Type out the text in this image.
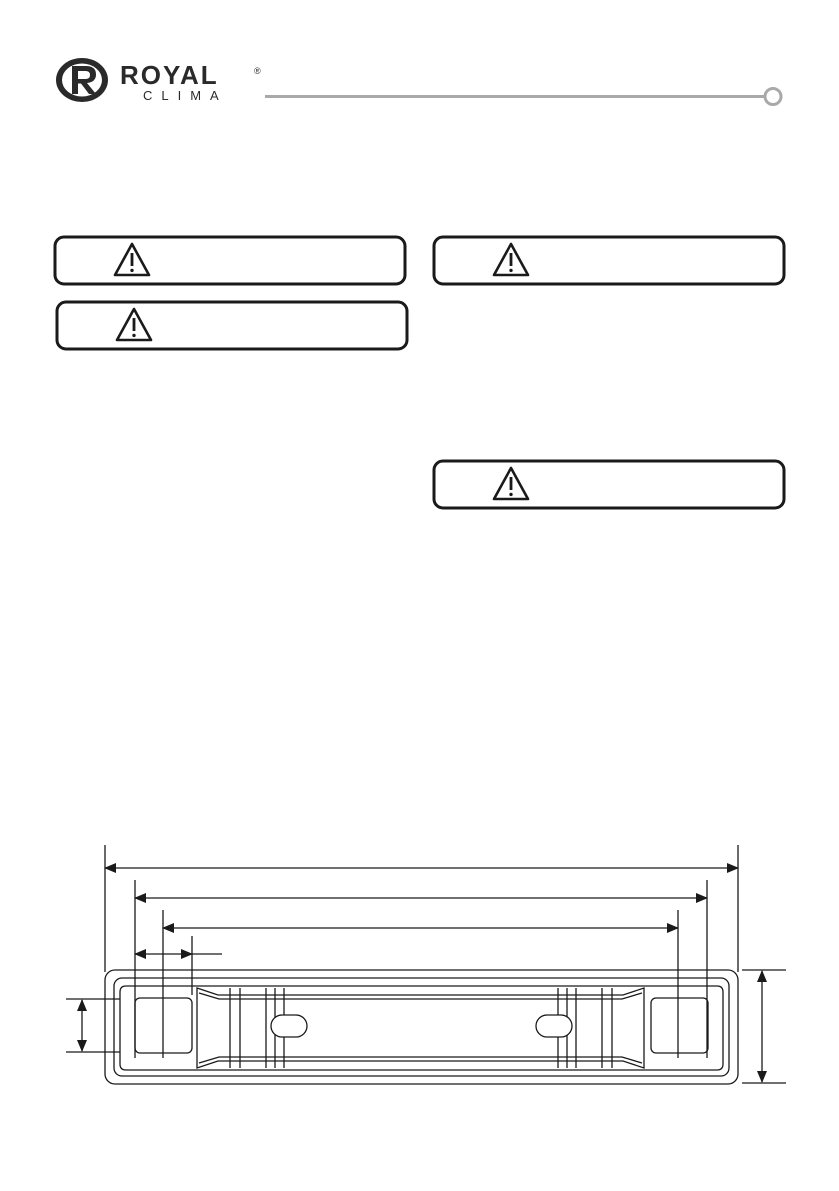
ROYAL	®
CLIMA
